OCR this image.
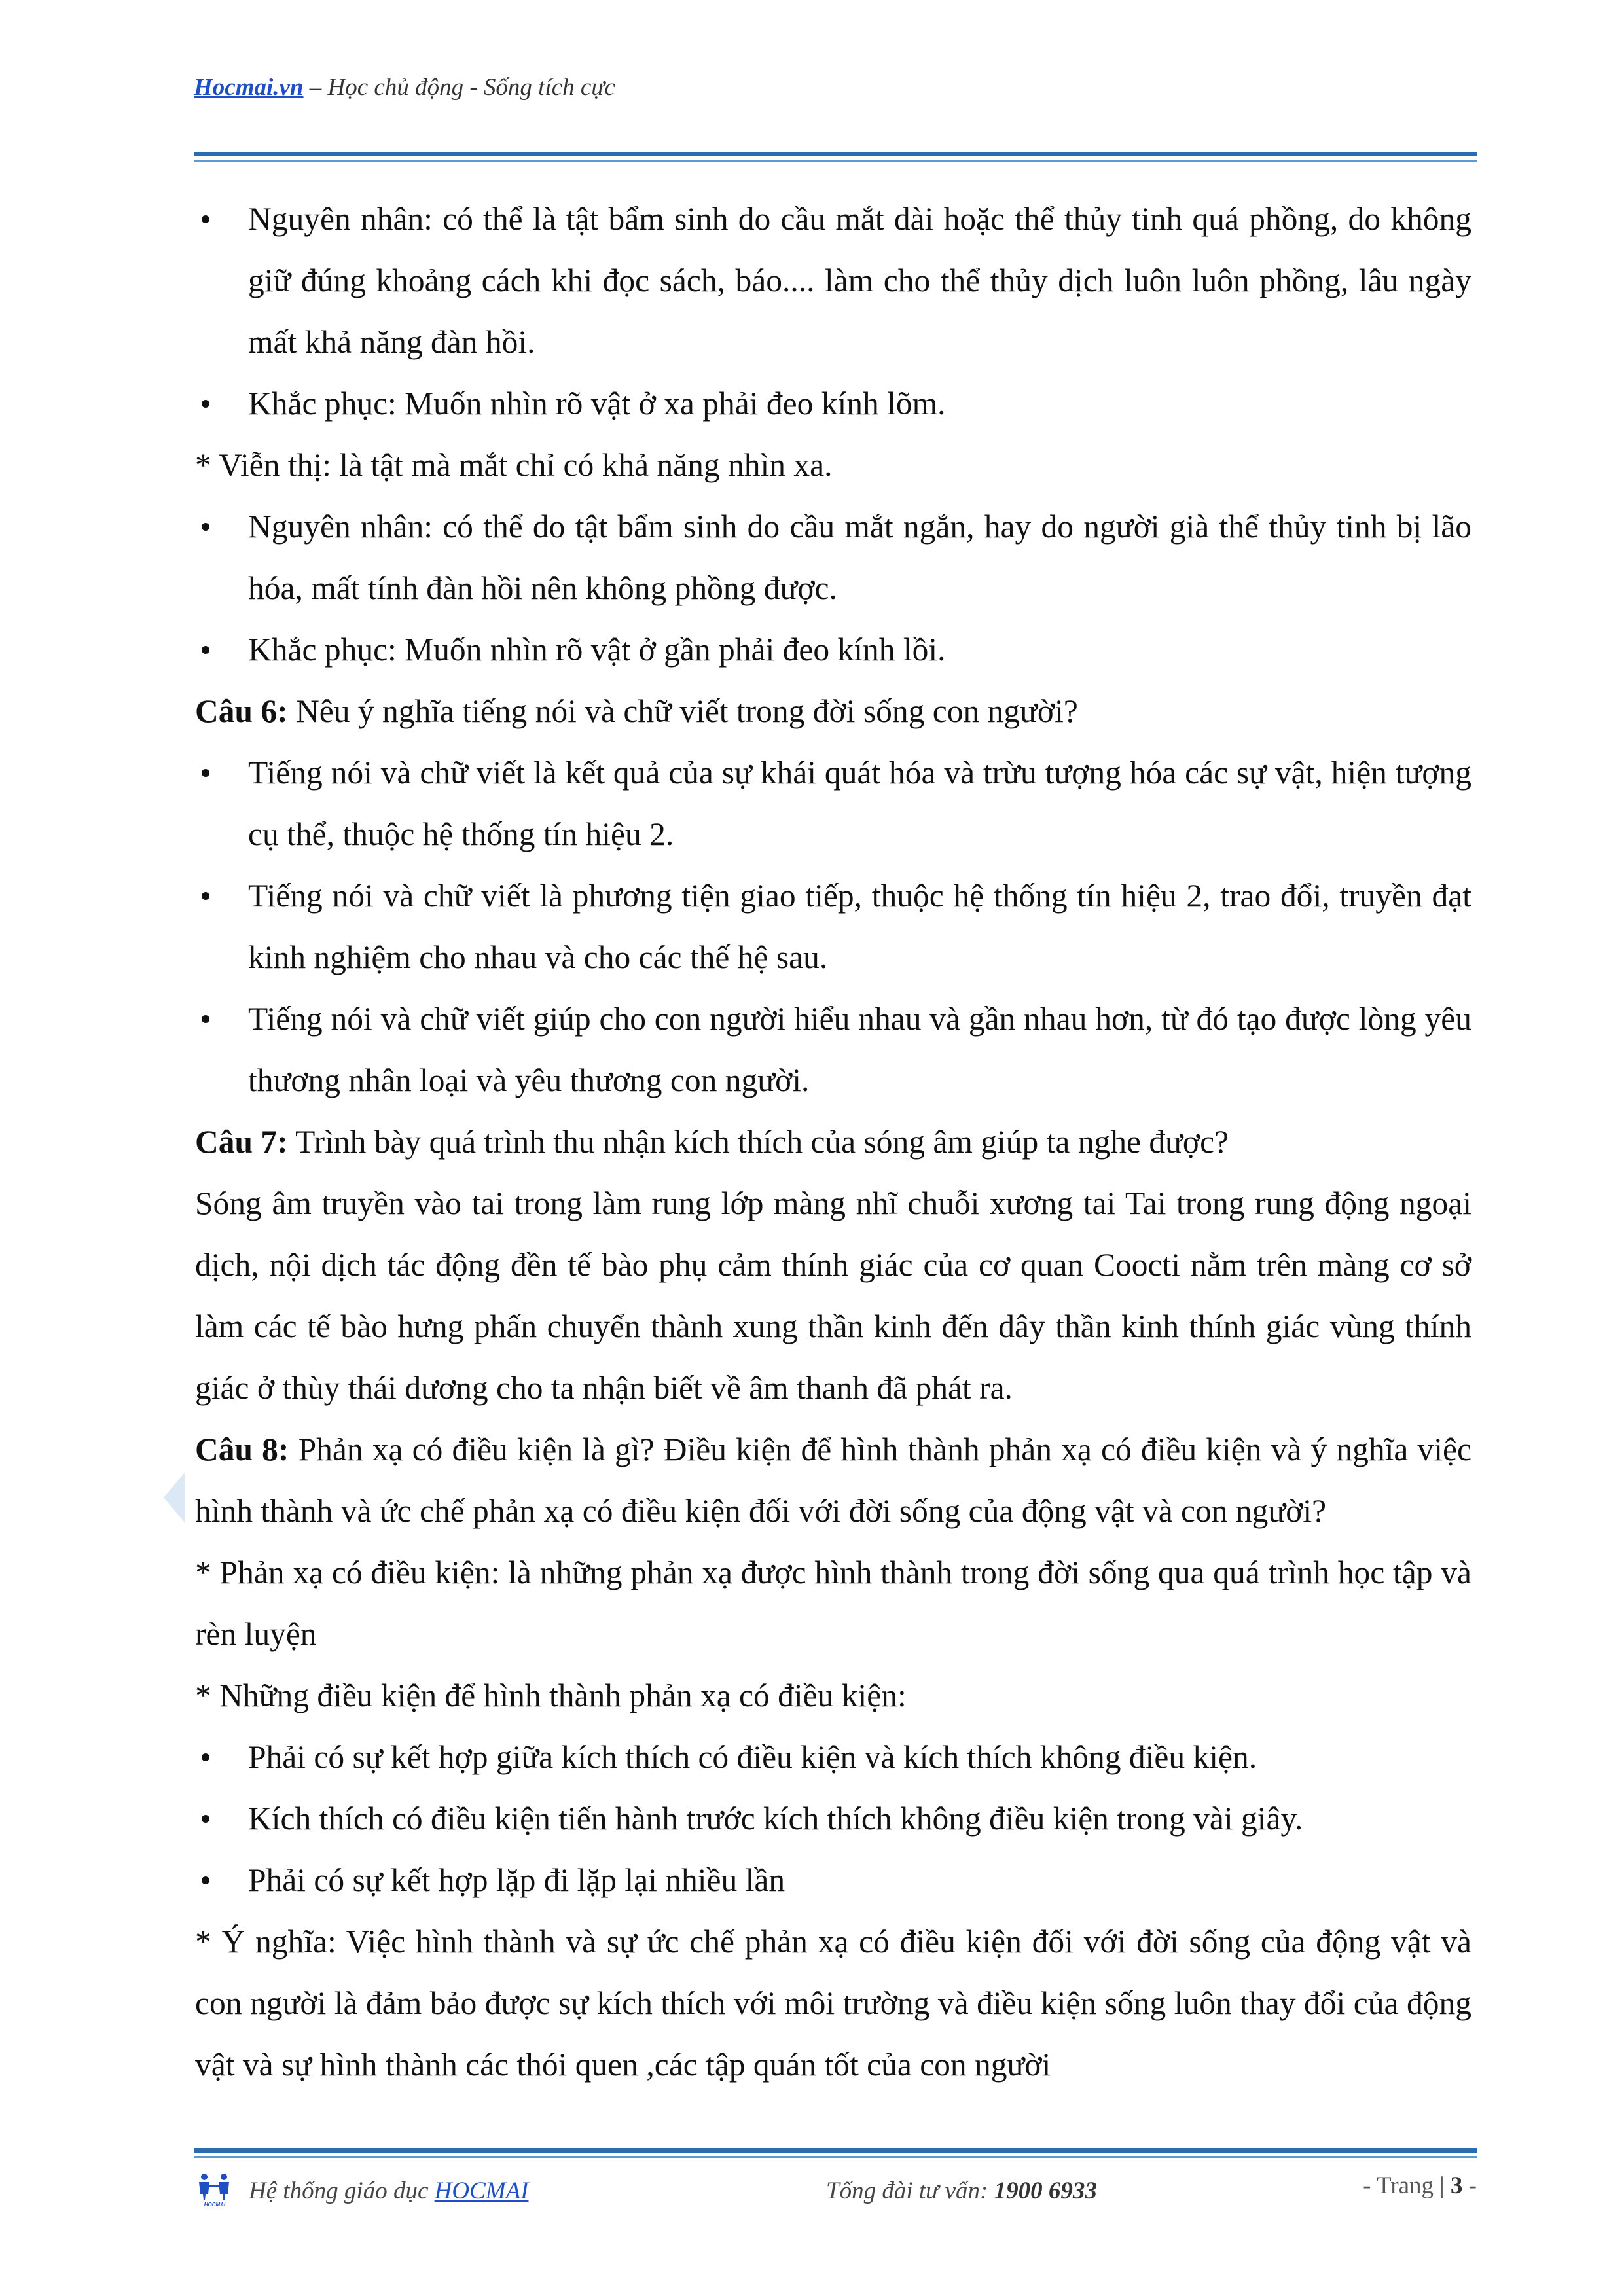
Hocmai.vn – Học chủ động - Sống tích cực

Nguyên nhân: có thể là tật bẩm sinh do cầu mắt dài hoặc thể thủy tinh quá phồng, do không giữ đúng khoảng cách khi đọc sách, báo.... làm cho thể thủy dịch luôn luôn phồng, lâu ngày mất khả năng đàn hồi.

Khắc phục: Muốn nhìn rõ vật ở xa phải đeo kính lõm.

* Viễn thị: là tật mà mắt chỉ có khả năng nhìn xa.

Nguyên nhân: có thể do tật bẩm sinh do cầu mắt ngắn, hay do người già thể thủy tinh bị lão hóa, mất tính đàn hồi nên không phồng được.

Khắc phục: Muốn nhìn rõ vật ở gần phải đeo kính lồi.

Câu 6: Nêu ý nghĩa tiếng nói và chữ viết trong đời sống con người?

Tiếng nói và chữ viết là kết quả của sự khái quát hóa và trừu tượng hóa các sự vật, hiện tượng cụ thể, thuộc hệ thống tín hiệu 2.

Tiếng nói và chữ viết là phương tiện giao tiếp, thuộc hệ thống tín hiệu 2, trao đổi, truyền đạt kinh nghiệm cho nhau và cho các thế hệ sau.

Tiếng nói và chữ viết giúp cho con người hiểu nhau và gần nhau hơn, từ đó tạo được lòng yêu thương nhân loại và yêu thương con người.

Câu 7: Trình bày quá trình thu nhận kích thích của sóng âm giúp ta nghe được?

Sóng âm truyền vào tai trong làm rung lớp màng nhĩ chuỗi xương tai Tai trong rung động ngoại dịch, nội dịch tác động đền tế bào phụ cảm thính giác của cơ quan Coocti nằm trên màng cơ sở làm các tế bào hưng phấn chuyển thành xung thần kinh đến dây thần kinh thính giác vùng thính giác ở thùy thái dương cho ta nhận biết về âm thanh đã phát ra.

Câu 8: Phản xạ có điều kiện là gì? Điều kiện để hình thành phản xạ có điều kiện và ý nghĩa việc hình thành và ức chế phản xạ có điều kiện đối với đời sống của động vật và con người?

* Phản xạ có điều kiện: là những phản xạ được hình thành trong đời sống qua quá trình học tập và rèn luyện

* Những điều kiện để hình thành phản xạ có điều kiện:

Phải có sự kết hợp giữa kích thích có điều kiện và kích thích không điều kiện.

Kích thích có điều kiện tiến hành trước kích thích không điều kiện trong vài giây.

Phải có sự kết hợp lặp đi lặp lại nhiều lần

* Ý nghĩa: Việc hình thành và sự ức chế phản xạ có điều kiện đối với đời sống của động vật và con người là đảm bảo được sự kích thích với môi trường và điều kiện sống luôn thay đổi của động vật và sự hình thành các thói quen ,các tập quán tốt của con người

HOCMAI
Hệ thống giáo dục HOCMAI	Tổng đài tư vấn: 1900 6933	- Trang | 3 -
